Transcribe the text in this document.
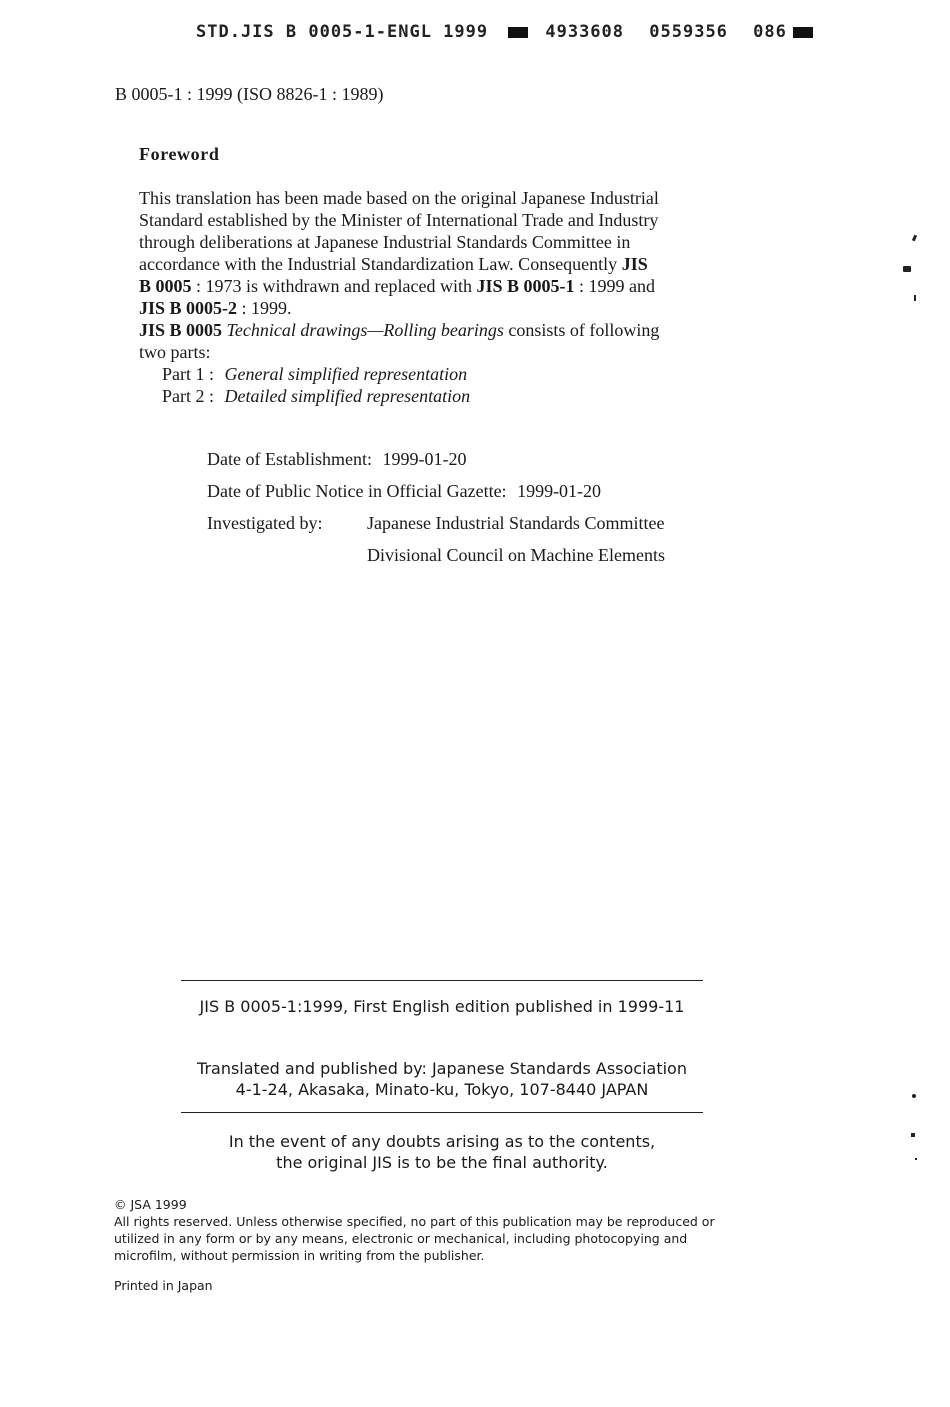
STD.JIS B 0005-1-ENGL 1999	4933608 0559356 086
B 0005-1 : 1999 (ISO 8826-1 : 1989)
Foreword
This translation has been made based on the original Japanese Industrial
Standard established by the Minister of International Trade and Industry
through deliberations at Japanese Industrial Standards Committee in
accordance with the Industrial Standardization Law. Consequently JIS
B 0005 : 1973 is withdrawn and replaced with JIS B 0005-1 : 1999 and
JIS B 0005-2 : 1999.
JIS B 0005 Technical drawings—Rolling bearings consists of following
two parts:
Part 1 : General simplified representation
Part 2 : Detailed simplified representation
Date of Establishment: 1999-01-20
Date of Public Notice in Official Gazette: 1999-01-20
Investigated by: Japanese Industrial Standards Committee
Divisional Council on Machine Elements
JIS B 0005-1:1999, First English edition published in 1999-11
Translated and published by: Japanese Standards Association
4-1-24, Akasaka, Minato-ku, Tokyo, 107-8440 JAPAN
In the event of any doubts arising as to the contents,
the original JIS is to be the final authority.
© JSA 1999
All rights reserved. Unless otherwise specified, no part of this publication may be reproduced or
utilized in any form or by any means, electronic or mechanical, including photocopying and
microfilm, without permission in writing from the publisher.
Printed in Japan
